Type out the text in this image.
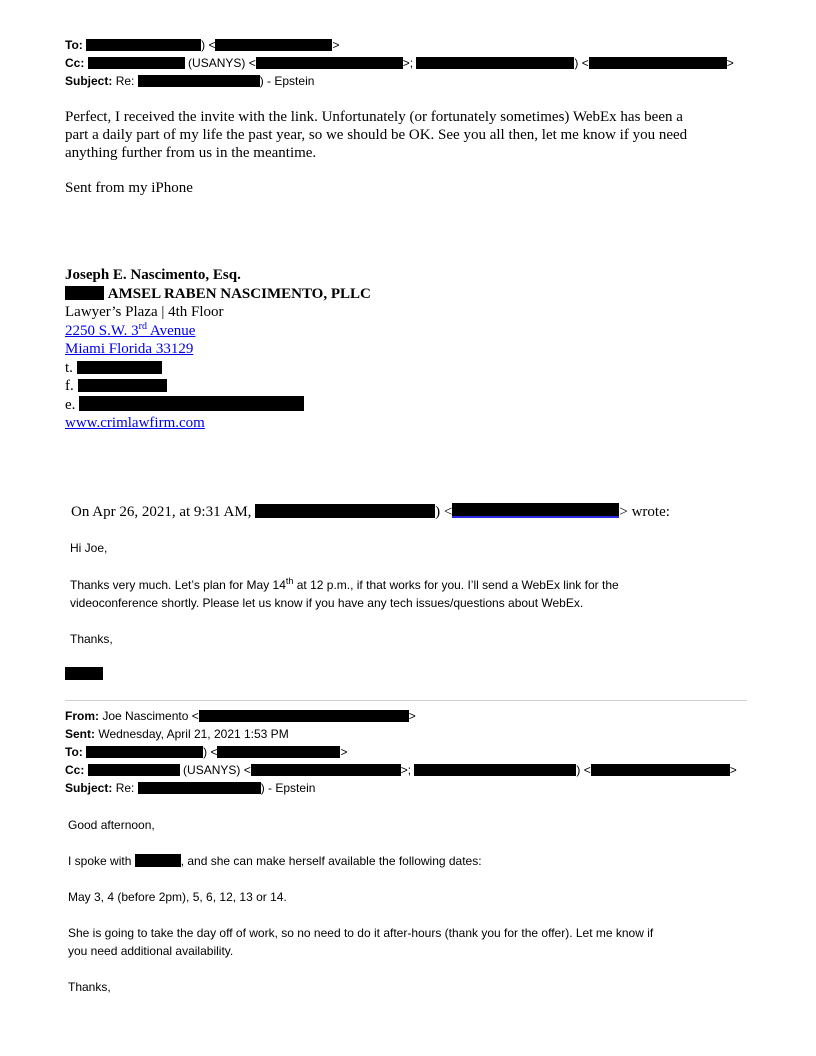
To:	) <	>
Cc:	(USANYS) <	>;	) <	>
Subject: Re:	) - Epstein
Perfect, I received the invite with the link. Unfortunately (or fortunately sometimes) WebEx has been a
part a daily part of my life the past year, so we should be OK. See you all then, let me know if you need
anything further from us in the meantime.
Sent from my iPhone
Joseph E. Nascimento, Esq.
AMSEL RABEN NASCIMENTO, PLLC
Lawyer’s Plaza | 4th Floor
2250 S.W. 3rd Avenue
Miami Florida 33129
t.
f.
e.
www.crimlawfirm.com
On Apr 26, 2021, at 9:31 AM,	) <	> wrote:
Hi Joe,
Thanks very much. Let’s plan for May 14th at 12 p.m., if that works for you. I’ll send a WebEx link for the
videoconference shortly. Please let us know if you have any tech issues/questions about WebEx.
Thanks,
From: Joe Nascimento <	>
Sent: Wednesday, April 21, 2021 1:53 PM
To:	) <	>
Cc:	(USANYS) <	>;	) <	>
Subject: Re:	) - Epstein
Good afternoon,
I spoke with	, and she can make herself available the following dates:
May 3, 4 (before 2pm), 5, 6, 12, 13 or 14.
She is going to take the day off of work, so no need to do it after-hours (thank you for the offer). Let me know if
you need additional availability.
Thanks,
